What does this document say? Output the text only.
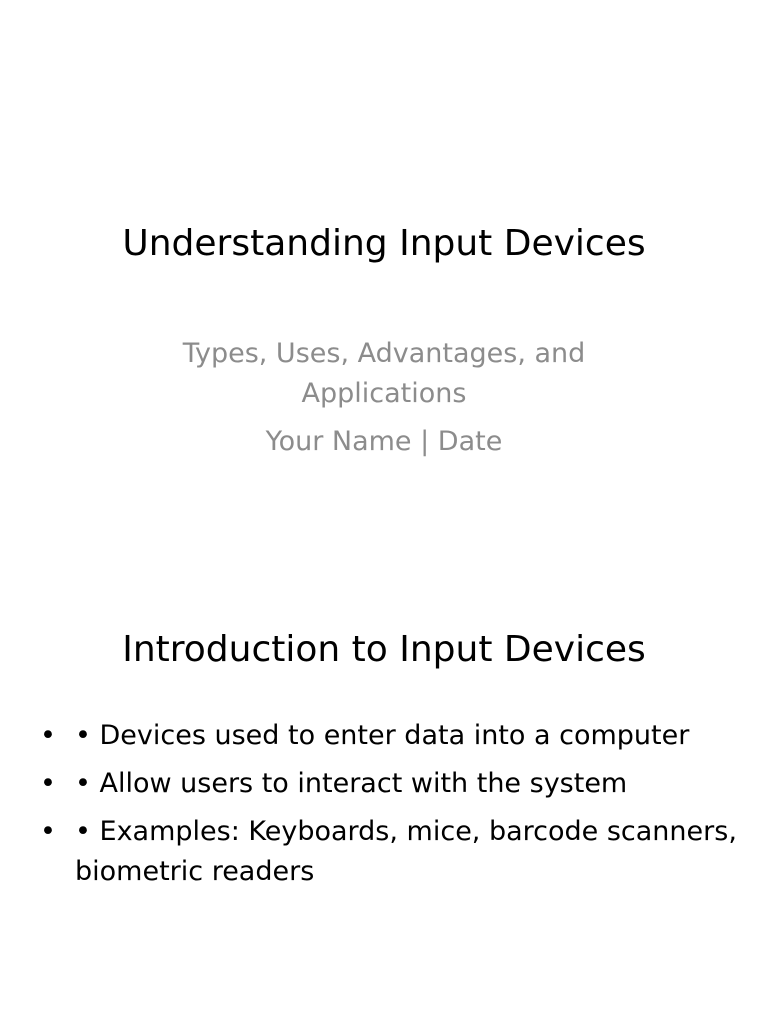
Understanding Input Devices
Types, Uses, Advantages, and Applications
Your Name | Date
Introduction to Input Devices
• • Devices used to enter data into a computer
• • Allow users to interact with the system
• • Examples: Keyboards, mice, barcode scanners, biometric readers
